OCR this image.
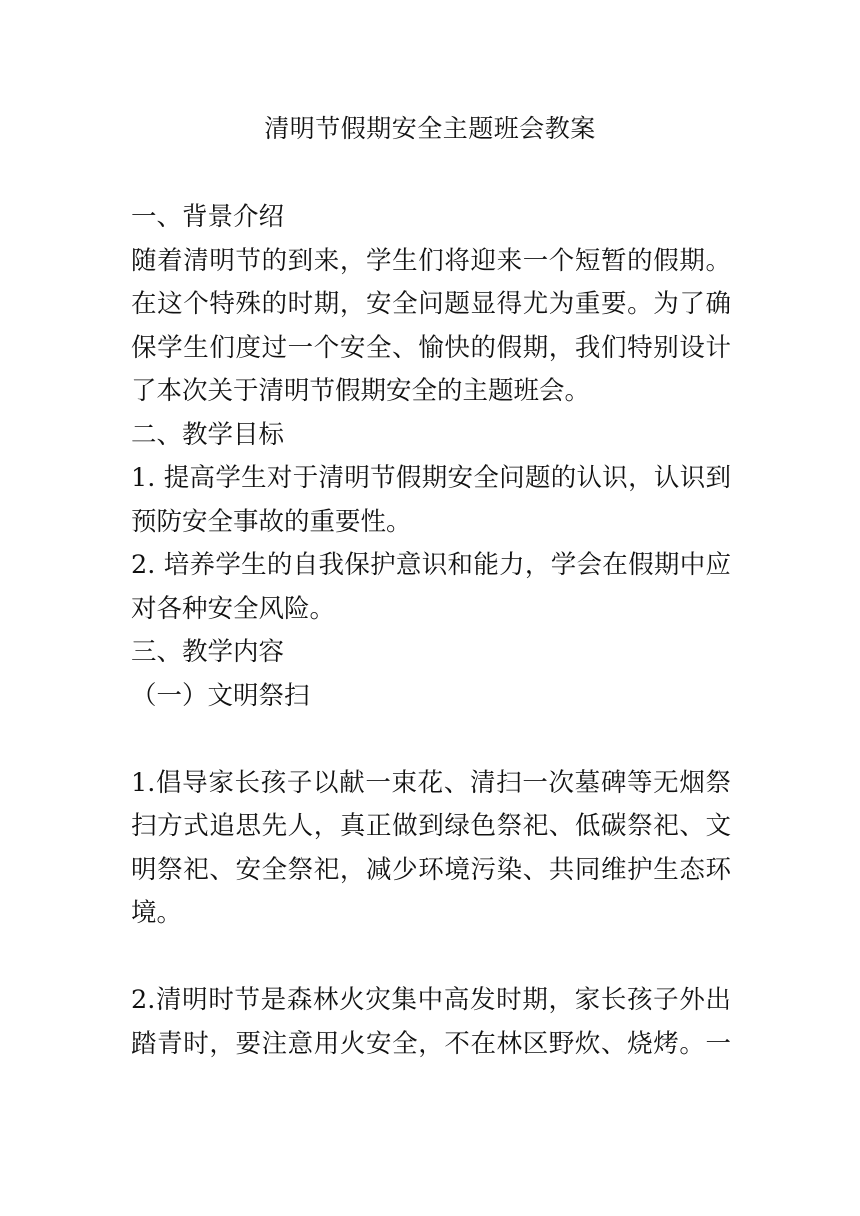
清明节假期安全主题班会教案
一、背景介绍
随着清明节的到来，学生们将迎来一个短暂的假期。
在这个特殊的时期，安全问题显得尤为重要。为了确
保学生们度过一个安全、愉快的假期，我们特别设计
了本次关于清明节假期安全的主题班会。
二、教学目标
1. 提高学生对于清明节假期安全问题的认识，认识到
预防安全事故的重要性。
2. 培养学生的自我保护意识和能力，学会在假期中应
对各种安全风险。
三、教学内容
（一）文明祭扫
1.倡导家长孩子以献一束花、清扫一次墓碑等无烟祭
扫方式追思先人，真正做到绿色祭祀、低碳祭祀、文
明祭祀、安全祭祀，减少环境污染、共同维护生态环
境。
2.清明时节是森林火灾集中高发时期，家长孩子外出
踏青时，要注意用火安全，不在林区野炊、烧烤。一
